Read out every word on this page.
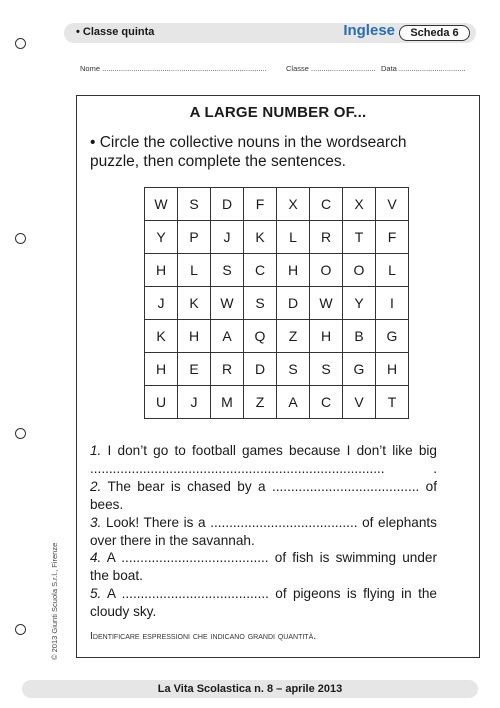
• Classe quinta	Inglese	Scheda 6
Nome ...............................................................................	Classe ............................... Data ................................
A LARGE NUMBER OF...
• Circle the collective nouns in the wordsearch puzzle, then complete the sentences.
W	S	D	F	X	C	X	V
Y	P	J	K	L	R	T	F
H	L	S	C	H	O	O	L
J	K	W	S	D	W	Y	I
K	H	A	Q	Z	H	B	G
H	E	R	D	S	S	G	H
U	J	M	Z	A	C	V	T
1. I don’t go to football games because I don’t like big
.............................................................................. .
2. The bear is chased by a ....................................... of
bees.
3. Look! There is a ....................................... of elephants
over there in the savannah.
4. A ....................................... of fish is swimming under
the boat.
5. A ....................................... of pigeons is flying in the
cloudy sky.
Identificare espressioni che indicano grandi quantità.
© 2013 Giunti Scuola S.r.l., Firenze
La Vita Scolastica n. 8 – aprile 2013
